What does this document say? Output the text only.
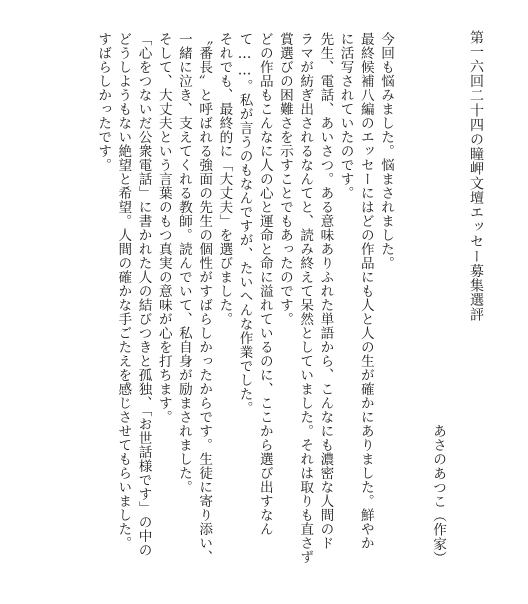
第一六回二十四の瞳岬文壇エッセー募集選評
あさのあつこ（作家）
今回も悩みました。悩まされました。
最終候補八編のエッセーにはどの作品にも人と人の生が確かにありました。鮮やか
に活写されていたのです。
先生、電話、あいさつ。ある意味ありふれた単語から、こんなにも濃密な人間のド
ラマが紡ぎ出されるなんてと、読み終えて呆然としていました。それは取りも直さず
賞選びの困難さを示すことでもあったのです。
どの作品もこんなに人の心と運命と命に溢れているのに、ここから選び出すなん
て……。私が言うのもなんですが、たいへんな作業でした。
それでも、最終的に「大丈夫」を選びました。
〝番長〟と呼ばれる強面の先生の個性がすばらしかったからです。生徒に寄り添い、
一緒に泣き、支えてくれる教師。読んでいて、私自身が励まされました。
そして、大丈夫という言葉のもつ真実の意味が心を打ちます。
「心をつないだ公衆電話」に書かれた人の結びつきと孤独、「お世話様です」の中の
どうしようもない絶望と希望。人間の確かな手ごたえを感じさせてもらいました。
すばらしかったです。
